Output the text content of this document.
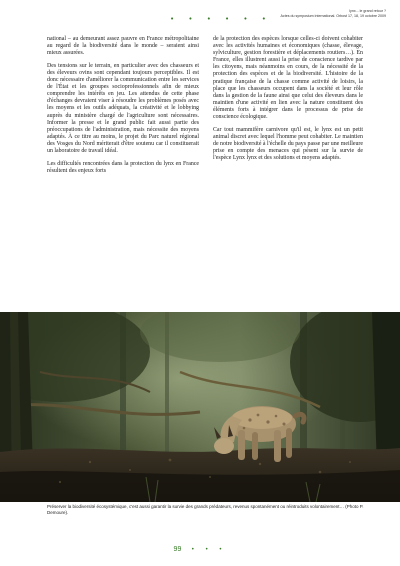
• • • • • •
lynx... le grand retour ?
Actes du symposium international. Orbost 17, 18, 19 octobre 2009

national – au demeurant assez pauvre en France métropolitaine au regard de la biodiversité dans le monde – seraient ainsi mieux assurées.

Des tensions sur le terrain, en particulier avec des chasseurs et des éleveurs ovins sont cependant toujours perceptibles. Il est donc nécessaire d'améliorer la communication entre les services de l'État et les groupes socioprofessionnels afin de mieux comprendre les intérêts en jeu. Les attendus de cette phase d'échanges devraient viser à résoudre les problèmes posés avec les moyens et les outils adéquats, la créativité et le lobbying auprès du ministère chargé de l'agriculture sont nécessaires. Informer la presse et le grand public fait aussi partie des préoccupations de l'administration, mais nécessite des moyens adaptés. À ce titre au moins, le projet du Parc naturel régional des Vosges du Nord mériterait d'être soutenu car il constituerait un laboratoire de travail idéal.

Les difficultés rencontrées dans la protection du lynx en France résultent des enjeux forts

de la protection des espèces lorsque celles-ci doivent cohabiter avec les activités humaines et économiques (chasse, élevage, sylviculture, gestion forestière et déplacements routiers…). En France, elles illustrent aussi la prise de conscience tardive par les citoyens, mais néanmoins en cours, de la nécessité de la protection des espèces et de la biodiversité. L'histoire de la pratique française de la chasse comme activité de loisirs, la place que les chasseurs occupent dans la société et leur rôle dans la gestion de la faune ainsi que celui des éleveurs dans le maintien d'une activité en lien avec la nature constituent des éléments forts à intégrer dans le processus de prise de conscience écologique.

Car tout mammifère carnivore qu'il est, le lynx est un petit animal discret avec lequel l'homme peut cohabiter. Le maintien de notre biodiversité à l'échelle du pays passe par une meilleure prise en compte des menaces qui pèsent sur la survie de l'espèce Lynx lynx et des solutions et moyens adaptés.

Préserver la biodiversité écosystémique, c'est aussi garantir la survie des grands prédateurs, revenus spontanément ou réintroduits volontairement… (Photo P. Demoure).
99 • • •
